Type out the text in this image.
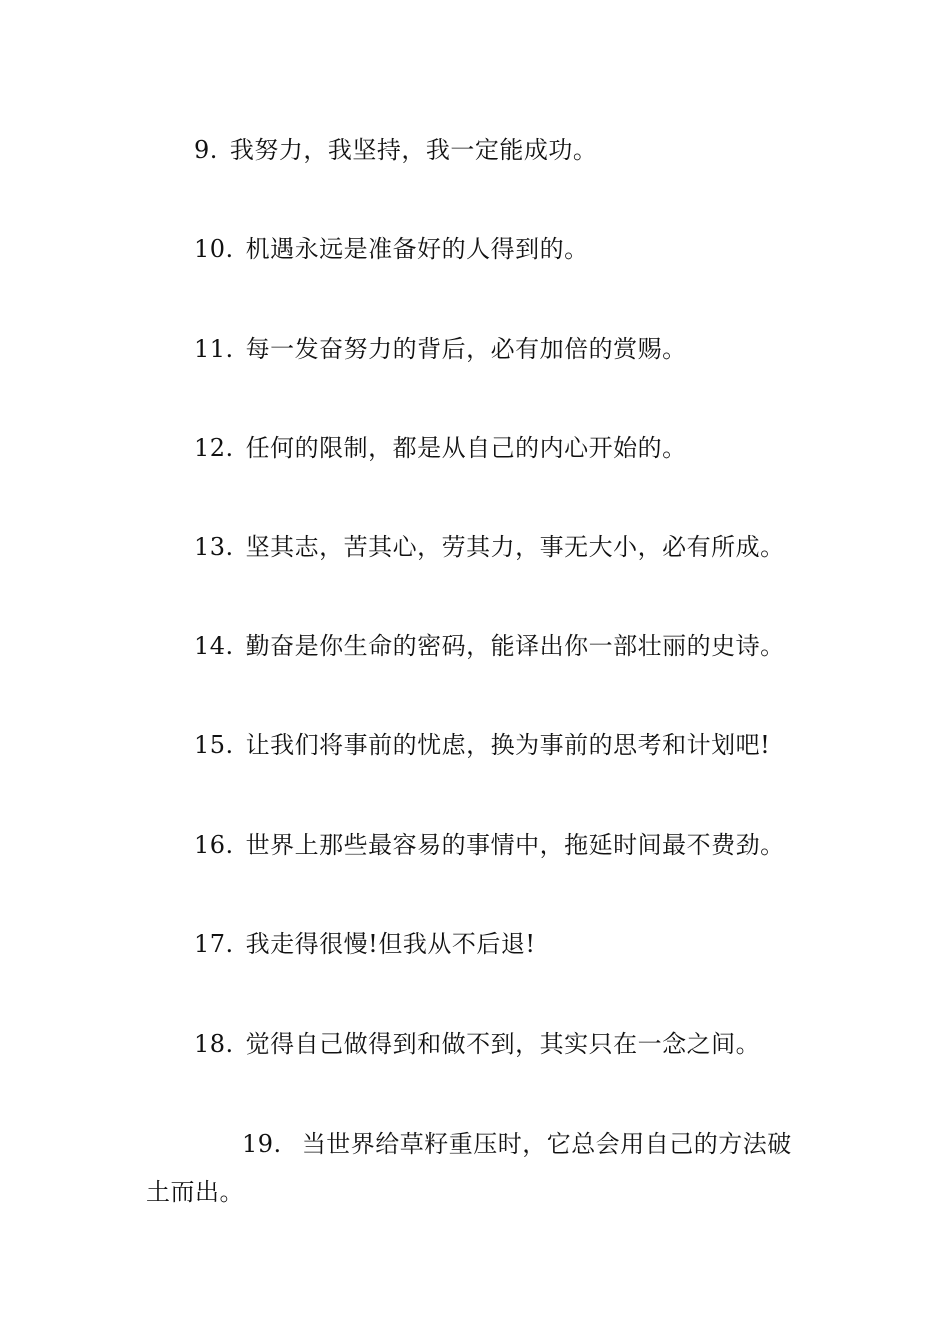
9. 我努力，我坚持，我一定能成功。

10. 机遇永远是准备好的人得到的。

11. 每一发奋努力的背后，必有加倍的赏赐。

12. 任何的限制，都是从自己的内心开始的。

13. 坚其志，苦其心，劳其力，事无大小，必有所成。

14. 勤奋是你生命的密码，能译出你一部壮丽的史诗。

15. 让我们将事前的忧虑，换为事前的思考和计划吧!

16. 世界上那些最容易的事情中，拖延时间最不费劲。

17. 我走得很慢!但我从不后退!

18. 觉得自己做得到和做不到，其实只在一念之间。

19. 当世界给草籽重压时，它总会用自己的方法破土而出。
